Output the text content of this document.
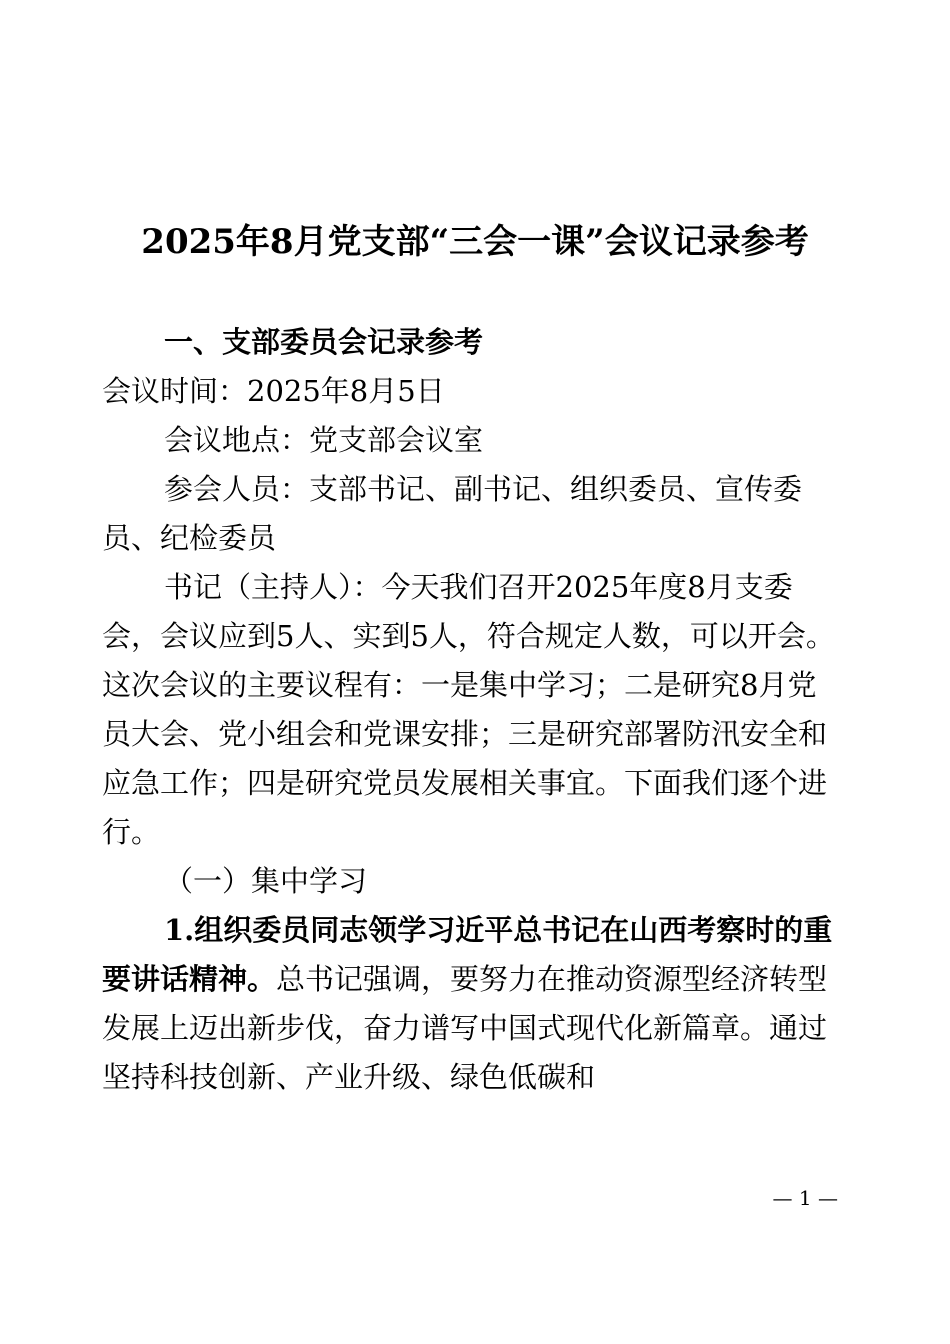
2025年8月党支部“三会一课”会议记录参考

一、支部委员会记录参考

会议时间：2025年8月5日

会议地点：党支部会议室

参会人员：支部书记、副书记、组织委员、宣传委员、纪检委员

书记（主持人）：今天我们召开2025年度8月支委会，会议应到5人、实到5人，符合规定人数，可以开会。这次会议的主要议程有：一是集中学习；二是研究8月党员大会、党小组会和党课安排；三是研究部署防汛安全和应急工作；四是研究党员发展相关事宜。下面我们逐个进行。

（一）集中学习

1.组织委员同志领学习近平总书记在山西考察时的重要讲话精神。总书记强调，要努力在推动资源型经济转型发展上迈出新步伐，奋力谱写中国式现代化新篇章。通过坚持科技创新、产业升级、绿色低碳和

— 1 —
